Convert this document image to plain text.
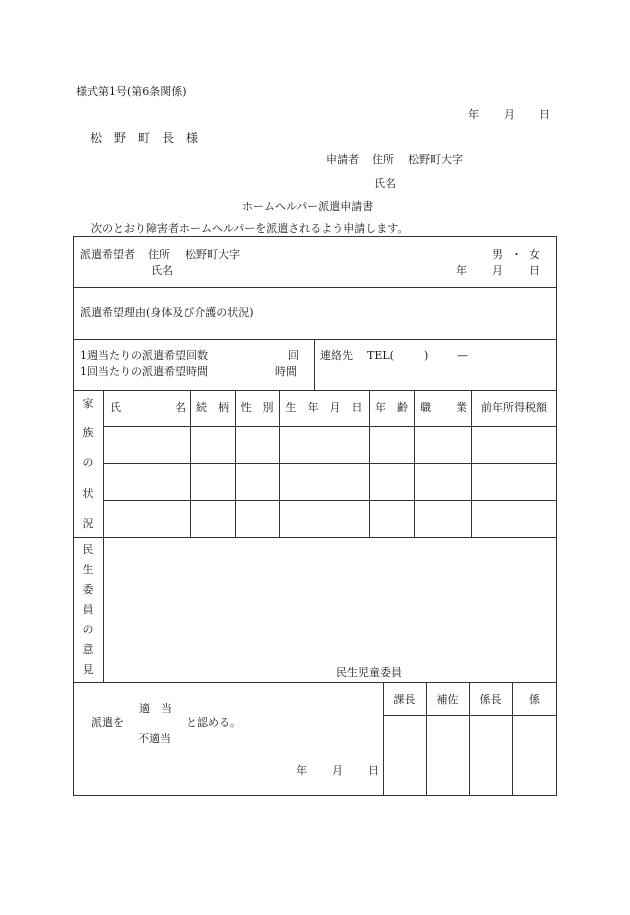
様式第1号(第6条関係)
年 月 日
松　野　町　長　様
申請者 住所 松野町大字
氏名
ホームヘルパー派遣申請書
次のとおり障害者ホームヘルパーを派遣されるよう申請します。
派遣希望者 住所 松野町大字
氏名
男 ・ 女
年 月 日
派遣希望理由(身体及び介護の状況)
1週当たりの派遣希望回数	回
1回当たりの派遣希望時間	時間
連絡先 TEL(	)	—
家
族
の
状
況
氏	名 続　柄	性　別	生　年　月　日	年　齢	職 業	前年所得税額
民
生
委
員
の
意
見	民生児童委員
適　当
派遣を	と認める。
不適当
年 月 日
課長	補佐	係長	係
